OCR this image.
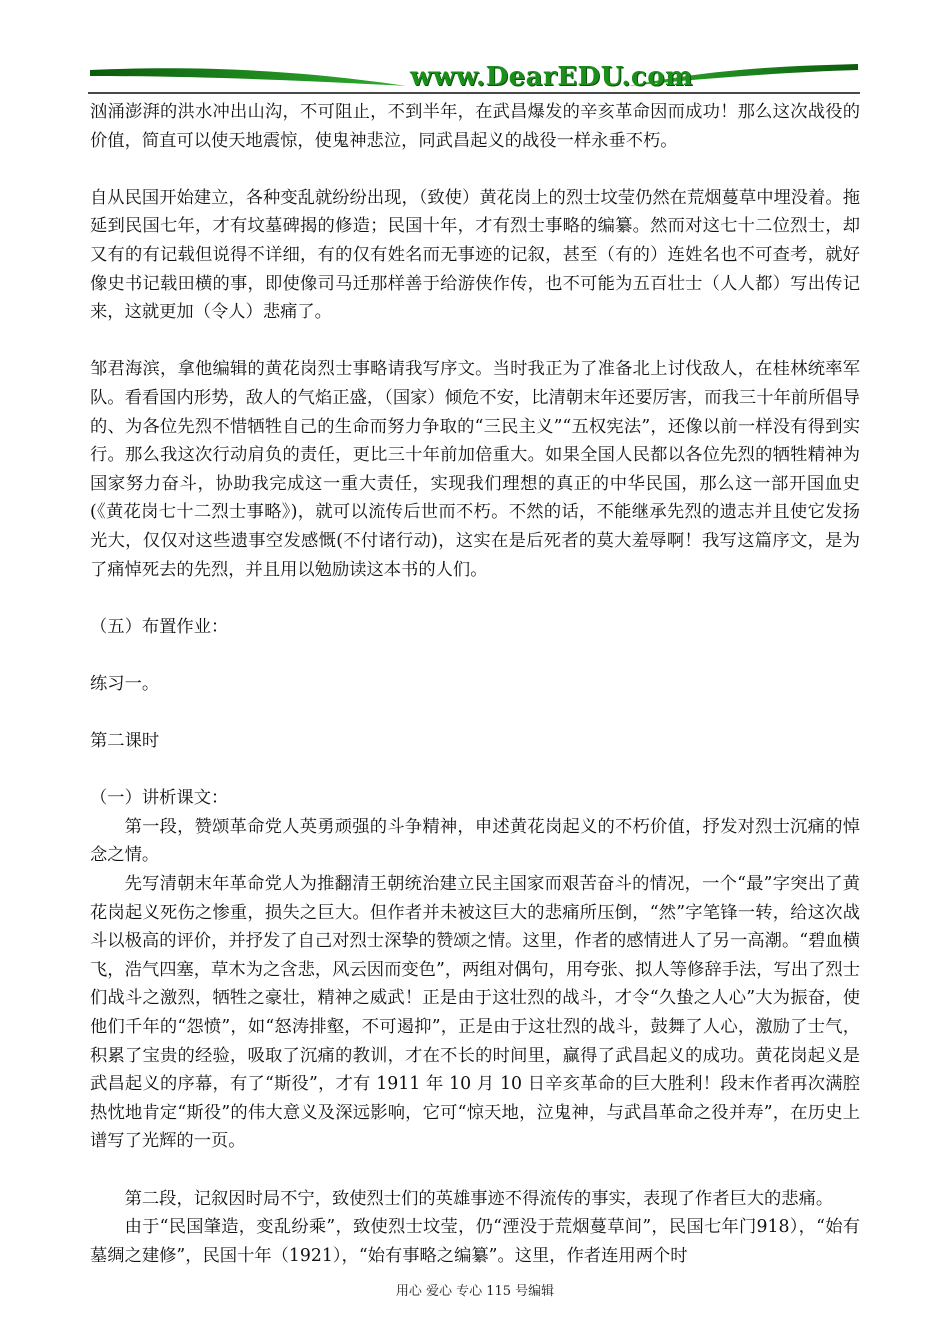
www.DearEDU.com

汹涌澎湃的洪水冲出山沟，不可阻止，不到半年，在武昌爆发的辛亥革命因而成功！那么这次战役的价值，简直可以使天地震惊，使鬼神悲泣，同武昌起义的战役一样永垂不朽。

自从民国开始建立，各种变乱就纷纷出现，（致使）黄花岗上的烈士坟莹仍然在荒烟蔓草中埋没着。拖延到民国七年，才有坟墓碑揭的修造；民国十年，才有烈士事略的编纂。然而对这七十二位烈士，却又有的有记载但说得不详细，有的仅有姓名而无事迹的记叙，甚至（有的）连姓名也不可查考，就好像史书记载田横的事，即使像司马迁那样善于给游侠作传，也不可能为五百壮士（人人都）写出传记来，这就更加（令人）悲痛了。

邹君海滨，拿他编辑的黄花岗烈士事略请我写序文。当时我正为了准备北上讨伐敌人，在桂林统率军队。看看国内形势，敌人的气焰正盛，（国家）倾危不安，比清朝末年还要厉害，而我三十年前所倡导的、为各位先烈不惜牺牲自己的生命而努力争取的“三民主义”“五权宪法”，还像以前一样没有得到实行。那么我这次行动肩负的责任，更比三十年前加倍重大。如果全国人民都以各位先烈的牺牲精神为国家努力奋斗，协助我完成这一重大责任，实现我们理想的真正的中华民国，那么这一部开国血史(《黄花岗七十二烈士事略》)，就可以流传后世而不朽。不然的话，不能继承先烈的遗志并且使它发扬光大，仅仅对这些遗事空发感慨(不付诸行动)，这实在是后死者的莫大羞辱啊！我写这篇序文，是为了痛悼死去的先烈，并且用以勉励读这本书的人们。

（五）布置作业：

练习一。

第二课时

（一）讲析课文：

第一段，赞颂革命党人英勇顽强的斗争精神，申述黄花岗起义的不朽价值，抒发对烈士沉痛的悼念之情。

先写清朝末年革命党人为推翻清王朝统治建立民主国家而艰苦奋斗的情况，一个“最”字突出了黄花岗起义死伤之惨重，损失之巨大。但作者并未被这巨大的悲痛所压倒，“然”字笔锋一转，给这次战斗以极高的评价，并抒发了自己对烈士深挚的赞颂之情。这里，作者的感情进人了另一高潮。“碧血横飞，浩气四塞，草木为之含悲，风云因而变色”，两组对偶句，用夸张、拟人等修辞手法，写出了烈士们战斗之激烈，牺牲之豪壮，精神之威武！正是由于这壮烈的战斗，才令“久蛰之人心”大为振奋，使他们千年的“怨愤”，如“怒涛排壑，不可遏抑”，正是由于这壮烈的战斗，鼓舞了人心，激励了士气，积累了宝贵的经验，吸取了沉痛的教训，才在不长的时间里，赢得了武昌起义的成功。黄花岗起义是武昌起义的序幕，有了“斯役”，才有 1911 年 10 月 10 日辛亥革命的巨大胜利！段末作者再次满腔热忱地肯定“斯役”的伟大意义及深远影响，它可“惊天地，泣鬼神，与武昌革命之役并寿”，在历史上谱写了光辉的一页。

第二段，记叙因时局不宁，致使烈士们的英雄事迹不得流传的事实，表现了作者巨大的悲痛。

由于“民国肇造，变乱纷乘”，致使烈士坟莹，仍“湮没于荒烟蔓草间”，民国七年门918），“始有墓绸之建修”，民国十年（1921），“始有事略之编纂”。这里，作者连用两个时

用心 爱心 专心 115 号编辑
